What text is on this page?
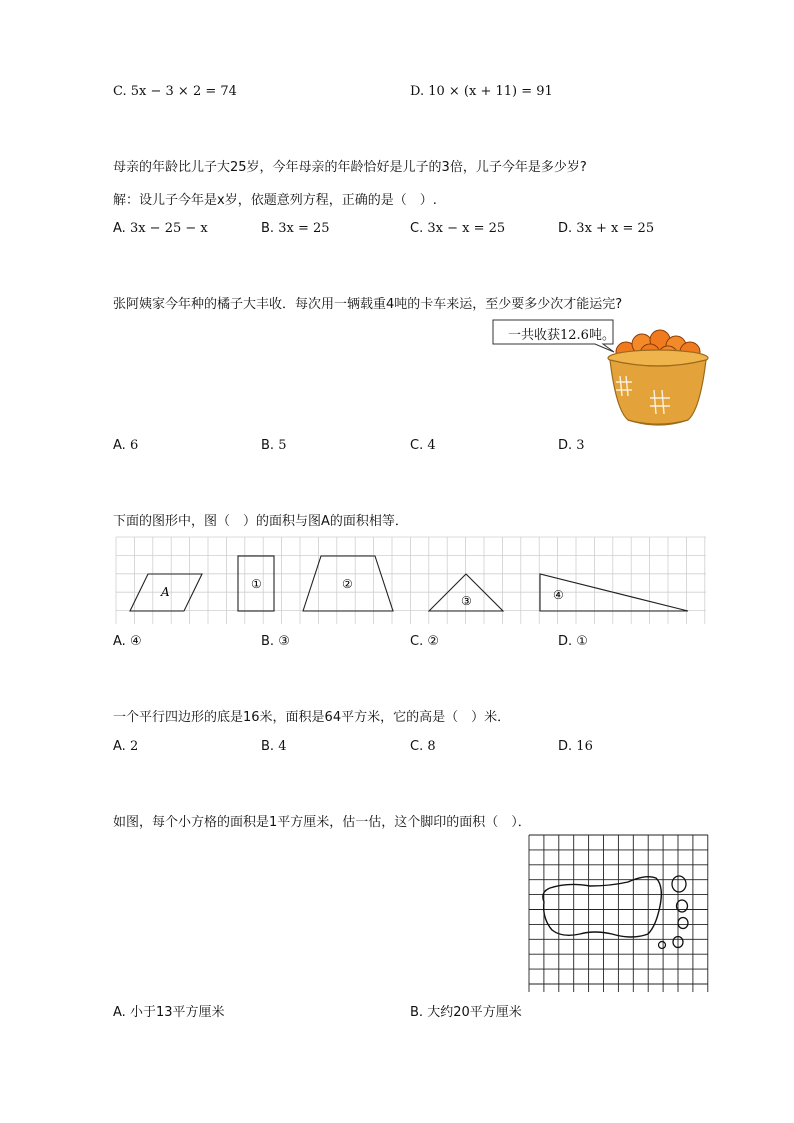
C. 5x − 3 × 2 = 74	D. 10 × (x + 11) = 91
母亲的年龄比儿子大25岁，今年母亲的年龄恰好是儿子的3倍，儿子今年是多少岁?
解：设儿子今年是x岁，依题意列方程，正确的是（　）.
A. 3x − 25 − x	B. 3x = 25	C. 3x − x = 25	D. 3x + x = 25
张阿姨家今年种的橘子大丰收．每次用一辆载重4吨的卡车来运，至少要多少次才能运完?
一共收获12.6吨。
A. 6	B. 5	C. 4	D. 3
下面的图形中，图（　）的面积与图A的面积相等．
A
①	②
③	④
A. ④	B. ③	C. ②	D. ①
一个平行四边形的底是16米，面积是64平方米，它的高是（　）米．
A. 2	B. 4	C. 8	D. 16
如图，每个小方格的面积是1平方厘米，估一估，这个脚印的面积（　）．
A. 小于13平方厘米	B. 大约20平方厘米
